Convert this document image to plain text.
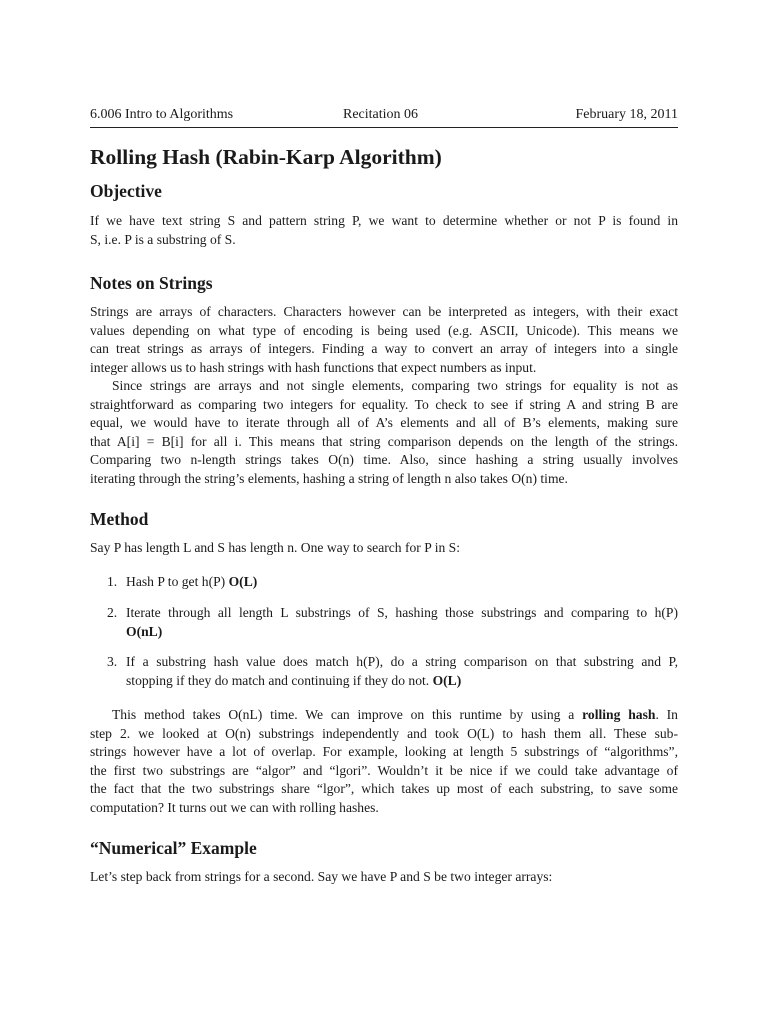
6.006 Intro to Algorithms	Recitation 06	February 18, 2011
Rolling Hash (Rabin-Karp Algorithm)
Objective
If we have text string S and pattern string P, we want to determine whether or not P is found in
S, i.e. P is a substring of S.
Notes on Strings
Strings are arrays of characters. Characters however can be interpreted as integers, with their exact
values depending on what type of encoding is being used (e.g. ASCII, Unicode). This means we
can treat strings as arrays of integers. Finding a way to convert an array of integers into a single
integer allows us to hash strings with hash functions that expect numbers as input.
Since strings are arrays and not single elements, comparing two strings for equality is not as
straightforward as comparing two integers for equality. To check to see if string A and string B are
equal, we would have to iterate through all of A’s elements and all of B’s elements, making sure
that A[i] = B[i] for all i. This means that string comparison depends on the length of the strings.
Comparing two n-length strings takes O(n) time. Also, since hashing a string usually involves
iterating through the string’s elements, hashing a string of length n also takes O(n) time.
Method
Say P has length L and S has length n. One way to search for P in S:
1. Hash P to get h(P) O(L)
2. Iterate through all length L substrings of S, hashing those substrings and comparing to h(P)
O(nL)
3. If a substring hash value does match h(P), do a string comparison on that substring and P,
stopping if they do match and continuing if they do not. O(L)
This method takes O(nL) time. We can improve on this runtime by using a rolling hash. In
step 2. we looked at O(n) substrings independently and took O(L) to hash them all. These sub-
strings however have a lot of overlap. For example, looking at length 5 substrings of “algorithms”,
the first two substrings are “algor” and “lgori”. Wouldn’t it be nice if we could take advantage of
the fact that the two substrings share “lgor”, which takes up most of each substring, to save some
computation? It turns out we can with rolling hashes.
“Numerical” Example
Let’s step back from strings for a second. Say we have P and S be two integer arrays:
